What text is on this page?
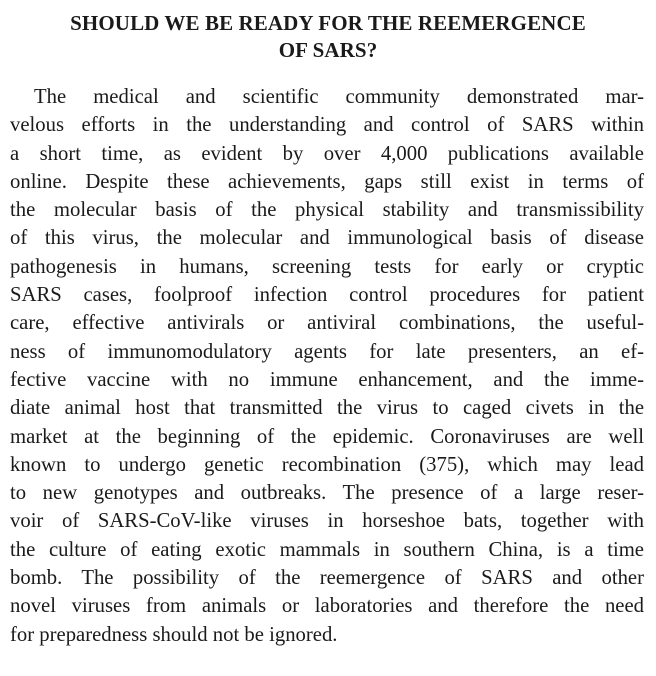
SHOULD WE BE READY FOR THE REEMERGENCE
OF SARS?
The medical and scientific community demonstrated mar-
velous efforts in the understanding and control of SARS within
a short time, as evident by over 4,000 publications available
online. Despite these achievements, gaps still exist in terms of
the molecular basis of the physical stability and transmissibility
of this virus, the molecular and immunological basis of disease
pathogenesis in humans, screening tests for early or cryptic
SARS cases, foolproof infection control procedures for patient
care, effective antivirals or antiviral combinations, the useful-
ness of immunomodulatory agents for late presenters, an ef-
fective vaccine with no immune enhancement, and the imme-
diate animal host that transmitted the virus to caged civets in the
market at the beginning of the epidemic. Coronaviruses are well
known to undergo genetic recombination (375), which may lead
to new genotypes and outbreaks. The presence of a large reser-
voir of SARS-CoV-like viruses in horseshoe bats, together with
the culture of eating exotic mammals in southern China, is a time
bomb. The possibility of the reemergence of SARS and other
novel viruses from animals or laboratories and therefore the need
for preparedness should not be ignored.
